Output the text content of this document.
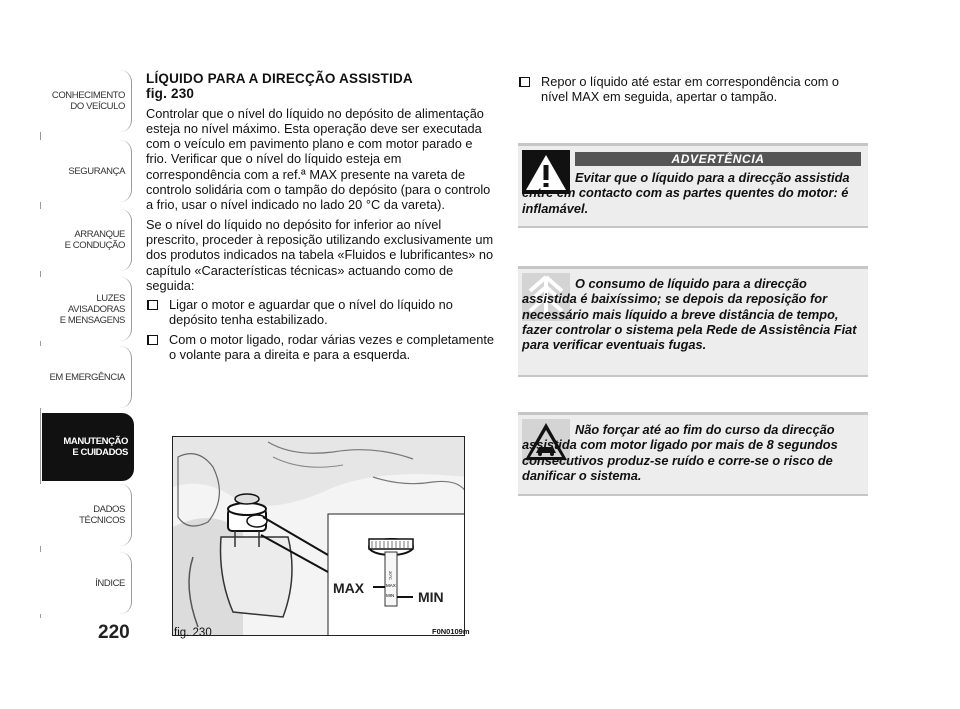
CONHECIMENTO
DO VEÍCULO
SEGURANÇA
ARRANQUE
E CONDUÇÃO
LUZES
AVISADORAS
E MENSAGENS
EM EMERGÊNCIA
MANUTENÇÃO
E CUIDADOS
DADOS
TÉCNICOS
ÍNDICE
220

LÍQUIDO PARA A DIRECÇÃO ASSISTIDA
fig. 230

Controlar que o nível do líquido no depósito de alimentação esteja no nível máximo. Esta operação deve ser executada com o veículo em pavimento plano e com motor parado e frio. Verificar que o nível do líquido esteja em correspondência com a ref.ª MAX presente na vareta de controlo solidária com o tampão do depósito (para o controlo a frio, usar o nível indicado no lado 20 °C da vareta).

Se o nível do líquido no depósito for inferior ao nível prescrito, proceder à reposição utilizando exclusivamente um dos produtos indicados na tabela «Fluidos e lubrificantes» no capítulo «Características técnicas» actuando como de seguida:

Ligar o motor e aguardar que o nível do líquido no depósito tenha estabilizado.
Com o motor ligado, rodar várias vezes e completamente o volante para a direita e para a esquerda.
20°C
MAX
MIN
MAX
MIN
fig. 230	F0N0109m
Repor o líquido até estar em correspondência com o nível MAX em seguida, apertar o tampão.
ADVERTÊNCIA
Evitar que o líquido para a direcção assistida entre em contacto com as partes quentes do motor: é inflamável.
O consumo de líquido para a direcção assistida é baixíssimo; se depois da reposição for necessário mais líquido a breve distância de tempo, fazer controlar o sistema pela Rede de Assistência Fiat para verificar eventuais fugas.
Não forçar até ao fim do curso da direcção assistida com motor ligado por mais de 8 segundos consecutivos produz-se ruído e corre-se o risco de danificar o sistema.
